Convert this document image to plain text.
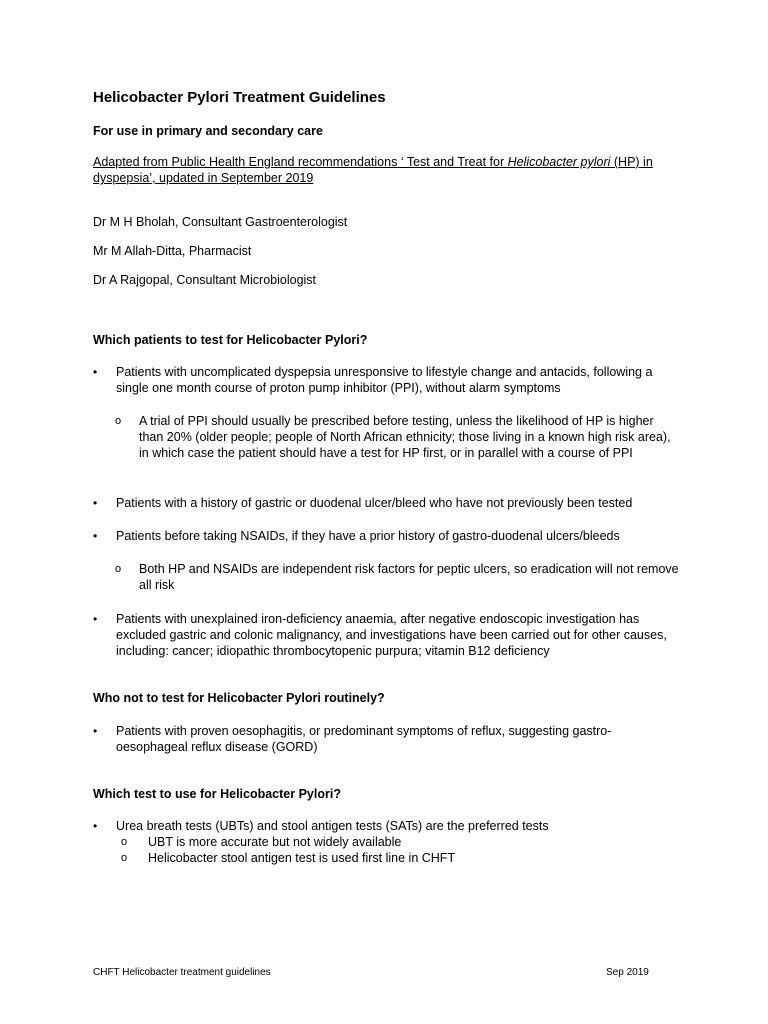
Helicobacter Pylori Treatment Guidelines
For use in primary and secondary care
Adapted from Public Health England recommendations ‘ Test and Treat for Helicobacter pylori (HP) in dyspepsia’, updated in September 2019
Dr M H Bholah, Consultant Gastroenterologist
Mr M Allah-Ditta, Pharmacist
Dr A Rajgopal, Consultant Microbiologist
Which patients to test for Helicobacter Pylori?
• Patients with uncomplicated dyspepsia unresponsive to lifestyle change and antacids, following a single one month course of proton pump inhibitor (PPI), without alarm symptoms
o A trial of PPI should usually be prescribed before testing, unless the likelihood of HP is higher than 20% (older people; people of North African ethnicity; those living in a known high risk area), in which case the patient should have a test for HP first, or in parallel with a course of PPI
• Patients with a history of gastric or duodenal ulcer/bleed who have not previously been tested
• Patients before taking NSAIDs, if they have a prior history of gastro-duodenal ulcers/bleeds
o Both HP and NSAIDs are independent risk factors for peptic ulcers, so eradication will not remove all risk
• Patients with unexplained iron-deficiency anaemia, after negative endoscopic investigation has excluded gastric and colonic malignancy, and investigations have been carried out for other causes, including: cancer; idiopathic thrombocytopenic purpura; vitamin B12 deficiency
Who not to test for Helicobacter Pylori routinely?
• Patients with proven oesophagitis, or predominant symptoms of reflux, suggesting gastro-oesophageal reflux disease (GORD)
Which test to use for Helicobacter Pylori?
• Urea breath tests (UBTs) and stool antigen tests (SATs) are the preferred tests
o UBT is more accurate but not widely available
o Helicobacter stool antigen test is used first line in CHFT
CHFT Helicobacter treatment guidelines	Sep 2019
